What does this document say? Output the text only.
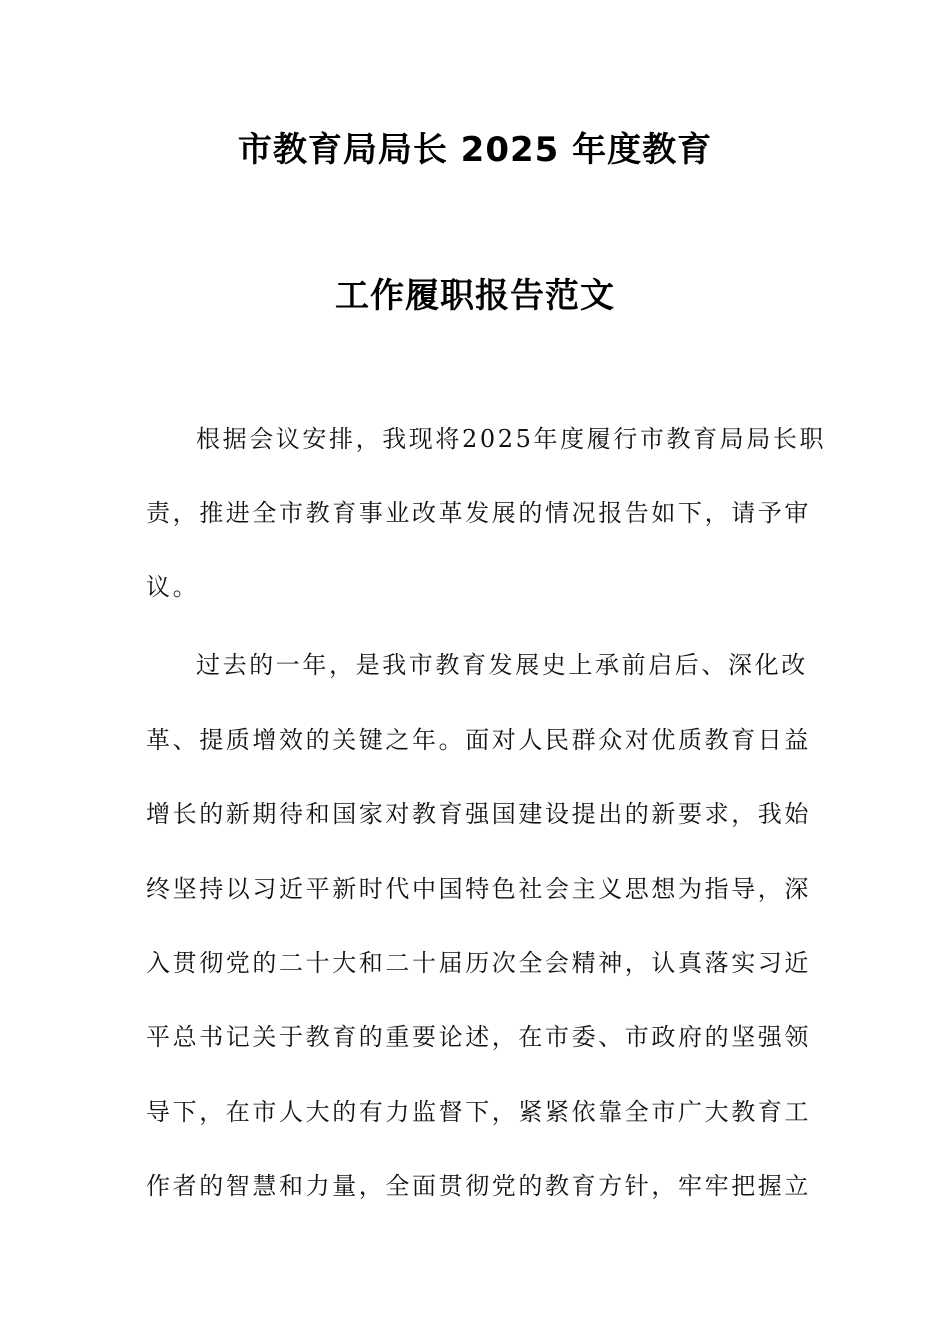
市教育局局长 2025 年度教育
工作履职报告范文
根据会议安排，我现将2025年度履行市教育局局长职
责，推进全市教育事业改革发展的情况报告如下，请予审
议。
过去的一年，是我市教育发展史上承前启后、深化改
革、提质增效的关键之年。面对人民群众对优质教育日益
增长的新期待和国家对教育强国建设提出的新要求，我始
终坚持以习近平新时代中国特色社会主义思想为指导，深
入贯彻党的二十大和二十届历次全会精神，认真落实习近
平总书记关于教育的重要论述，在市委、市政府的坚强领
导下，在市人大的有力监督下，紧紧依靠全市广大教育工
作者的智慧和力量，全面贯彻党的教育方针，牢牢把握立
